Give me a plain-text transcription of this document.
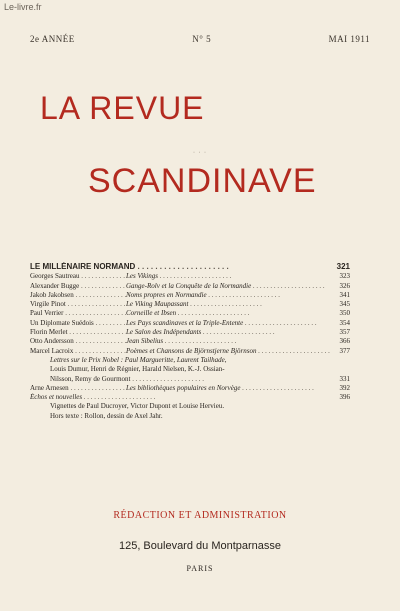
Le-livre.fr
2e ANNÉE	N° 5	MAI 1911
LA REVUE
· · ·
SCANDINAVE
LE MILLÉNAIRE NORMAND . . .	321
Georges Sautreau . . .	Les Vikings . . .	323
Alexander Bugge . . .	Gange-Rolv et la Conquête de la Normandie . . .	326
Jakob Jakobsen . . .	Noms propres en Normandie . . .	341
Virgile Pinot . . .	Le Viking Maupassant . . .	345
Paul Verrier . . .	Corneille et Ibsen . . .	350
Un Diplomate Suédois . . .	Les Pays scandinaves et la Triple-Entente . . .	354
Florin Merlet . . .	Le Salon des Indépendants . . .	357
Otto Andersson . . .	Jean Sibelius . . .	366
Marcel Lacroix . . .	Poèmes et Chansons de Björnstjerne Björnson . . .	377
Lettres sur le Prix Nobel : Paul Margueritte, Laurent Tailhade,
Louis Dumur, Henri de Régnier, Harald Nielsen, K.-J. Ossian-
Nilsson, Remy de Gourmont . . .	331
Arne Arnesen . . .	Les bibliothèques populaires en Norvège . . .	392
Échos et nouvelles . . .	396
Vignettes de Paul Ducroyer, Victor Dupont et Louise Hervieu.
Hors texte : Rollon, dessin de Axel Jahr.
RÉDACTION ET ADMINISTRATION
125, Boulevard du Montparnasse
PARIS
